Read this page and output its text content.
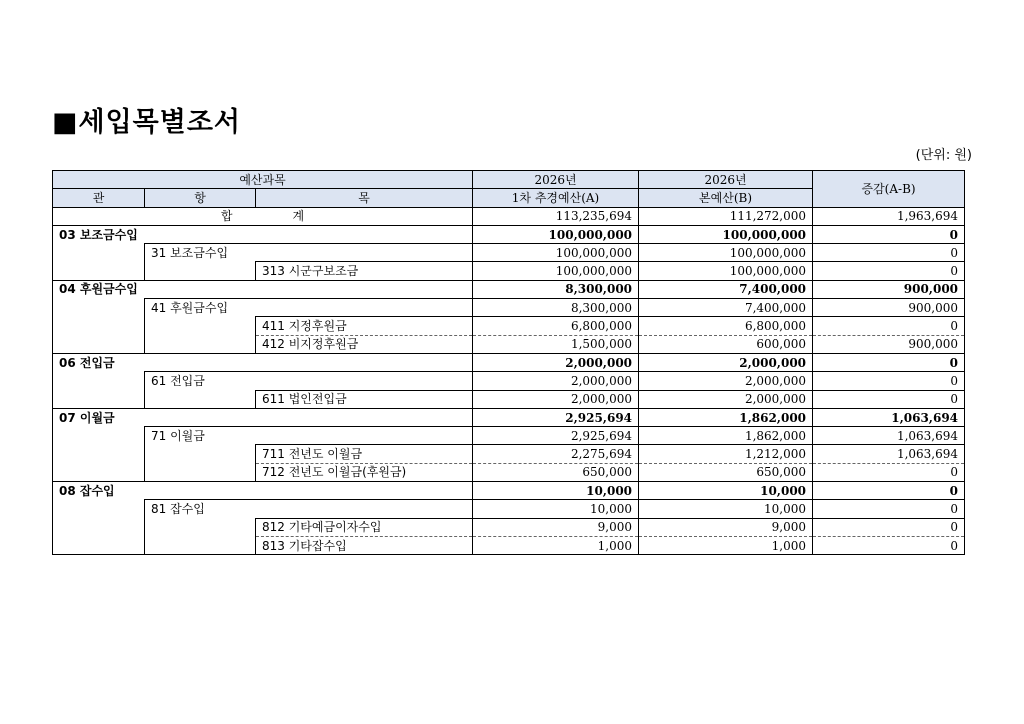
■세입목별조서
(단위: 원)
예산과목			2026년	2026년	증감(A-B)
관	항	목	1차 추경예산(A)	본예산(B)	
합 계			113,235,694	111,272,000	1,963,694
03 보조금수입			100,000,000	100,000,000	0
	31 보조금수입		100,000,000	100,000,000	0
		313 시군구보조금	100,000,000	100,000,000	0
04 후원금수입			8,300,000	7,400,000	900,000
	41 후원금수입		8,300,000	7,400,000	900,000
		411 지정후원금	6,800,000	6,800,000	0
		412 비지정후원금	1,500,000	600,000	900,000
06 전입금			2,000,000	2,000,000	0
	61 전입금		2,000,000	2,000,000	0
		611 법인전입금	2,000,000	2,000,000	0
07 이월금			2,925,694	1,862,000	1,063,694
	71 이월금		2,925,694	1,862,000	1,063,694
		711 전년도 이월금	2,275,694	1,212,000	1,063,694
		712 전년도 이월금(후원금)	650,000	650,000	0
08 잡수입			10,000	10,000	0
	81 잡수입		10,000	10,000	0
		812 기타예금이자수입	9,000	9,000	0
		813 기타잡수입	1,000	1,000	0
